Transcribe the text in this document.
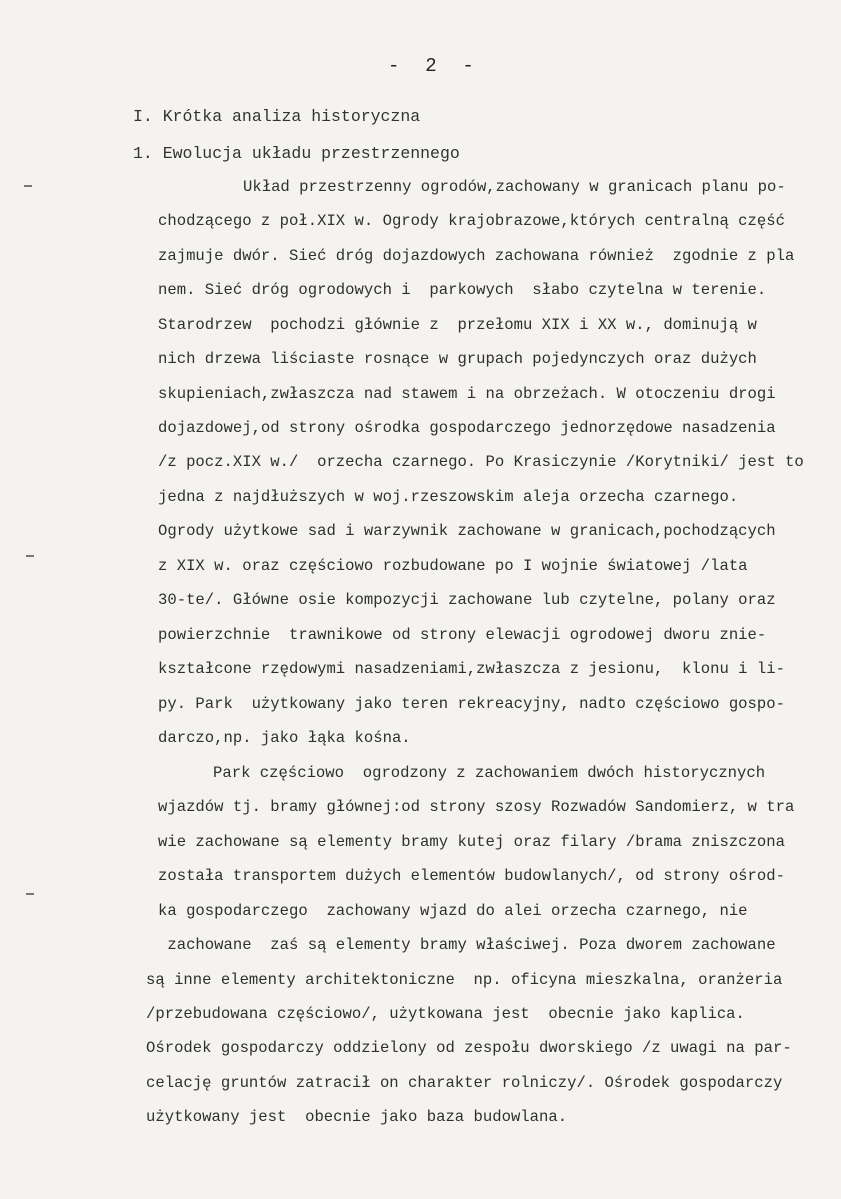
-  2  -
I. Krótka analiza historyczna
1. Ewolucja układu przestrzennego
Układ przestrzenny ogrodów,zachowany w granicach planu po-
chodzącego z poł.XIX w. Ogrody krajobrazowe,których centralną część
zajmuje dwór. Sieć dróg dojazdowych zachowana również  zgodnie z pla
nem. Sieć dróg ogrodowych i  parkowych  słabo czytelna w terenie.
Starodrzew  pochodzi głównie z  przełomu XIX i XX w., dominują w
nich drzewa liściaste rosnące w grupach pojedynczych oraz dużych
skupieniach,zwłaszcza nad stawem i na obrzeżach. W otoczeniu drogi
dojazdowej,od strony ośrodka gospodarczego jednorzędowe nasadzenia
/z pocz.XIX w./  orzecha czarnego. Po Krasiczynie /Korytniki/ jest to
jedna z najdłuższych w woj.rzeszowskim aleja orzecha czarnego.
Ogrody użytkowe sad i warzywnik zachowane w granicach,pochodzących
z XIX w. oraz częściowo rozbudowane po I wojnie światowej /lata
30-te/. Główne osie kompozycji zachowane lub czytelne, polany oraz
powierzchnie  trawnikowe od strony elewacji ogrodowej dworu znie-
kształcone rzędowymi nasadzeniami,zwłaszcza z jesionu,  klonu i li-
py. Park  użytkowany jako teren rekreacyjny, nadto częściowo gospo-
darczo,np. jako łąka kośna.
Park częściowo  ogrodzony z zachowaniem dwóch historycznych
wjazdów tj. bramy głównej:od strony szosy Rozwadów Sandomierz, w tra
wie zachowane są elementy bramy kutej oraz filary /brama zniszczona
została transportem dużych elementów budowlanych/, od strony ośrod-
ka gospodarczego  zachowany wjazd do alei orzecha czarnego, nie
zachowane  zaś są elementy bramy właściwej. Poza dworem zachowane
są inne elementy architektoniczne  np. oficyna mieszkalna, oranżeria
/przebudowana częściowo/, użytkowana jest  obecnie jako kaplica.
Ośrodek gospodarczy oddzielony od zespołu dworskiego /z uwagi na par-
celację gruntów zatracił on charakter rolniczy/. Ośrodek gospodarczy
użytkowany jest  obecnie jako baza budowlana.
